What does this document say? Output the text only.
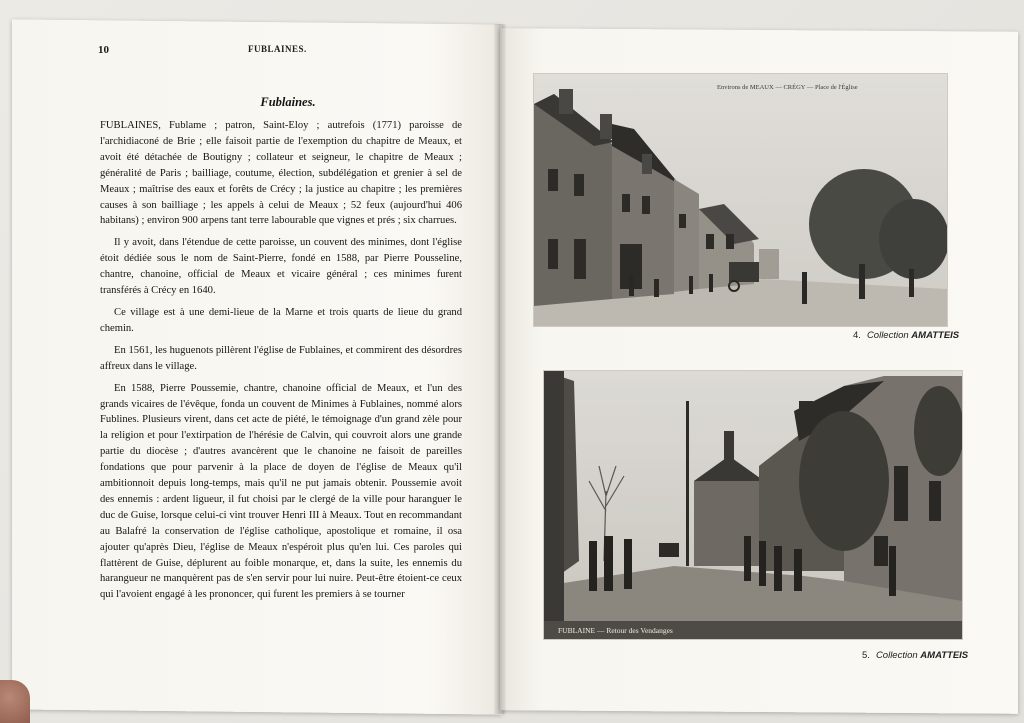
10	FUBLAINES.
Fublaines.

FUBLAINES, Fublame ; patron, Saint-Eloy ; autrefois (1771) paroisse de l'archidiaconé de Brie ; elle faisoit partie de l'exemption du chapitre de Meaux, et avoit été détachée de Boutigny ; collateur et seigneur, le chapitre de Meaux ; généralité de Paris ; bailliage, coutume, élection, subdélégation et grenier à sel de Meaux ; maîtrise des eaux et forêts de Crécy ; la justice au chapitre ; les premières causes à son bailliage ; les appels à celui de Meaux ; 52 feux (aujourd'hui 406 habitans) ; environ 900 arpens tant terre labourable que vignes et prés ; six charrues.

Il y avoit, dans l'étendue de cette paroisse, un couvent des minimes, dont l'église étoit dédiée sous le nom de Saint-Pierre, fondé en 1588, par Pierre Pousseline, chantre, chanoine, official de Meaux et vicaire général ; ces minimes furent transférés à Crécy en 1640.

Ce village est à une demi-lieue de la Marne et trois quarts de lieue du grand chemin.

En 1561, les huguenots pillèrent l'église de Fublaines, et commirent des désordres affreux dans le village.

En 1588, Pierre Poussemie, chantre, chanoine official de Meaux, et l'un des grands vicaires de l'évêque, fonda un couvent de Minimes à Fublaines, nommé alors Fublines. Plusieurs virent, dans cet acte de piété, le témoignage d'un grand zèle pour la religion et pour l'extirpation de l'hérésie de Calvin, qui couvroit alors une grande partie du diocèse ; d'autres avancèrent que le chanoine ne faisoit de pareilles fondations que pour parvenir à la place de doyen de l'église de Meaux qu'il ambitionnoit depuis long-temps, mais qu'il ne put jamais obtenir. Poussemie avoit des ennemis : ardent ligueur, il fut choisi par le clergé de la ville pour haranguer le duc de Guise, lorsque celui-ci vint trouver Henri III à Meaux. Tout en recommandant au Balafré la conservation de l'église catholique, apostolique et romaine, il osa ajouter qu'après Dieu, l'église de Meaux n'espéroit plus qu'en lui. Ces paroles qui flattèrent de Guise, déplurent au foible monarque, et, dans la suite, les ennemis du harangueur ne manquèrent pas de s'en servir pour lui nuire. Peut-être étoient-ce ceux qui l'avoient engagé à les prononcer, qui furent les premiers à se tourner

Environs de MEAUX — CRÉGY — Place de l'Église
4. Collection AMATTEIS
FUBLAINE — Retour des Vendanges
5. Collection AMATTEIS
